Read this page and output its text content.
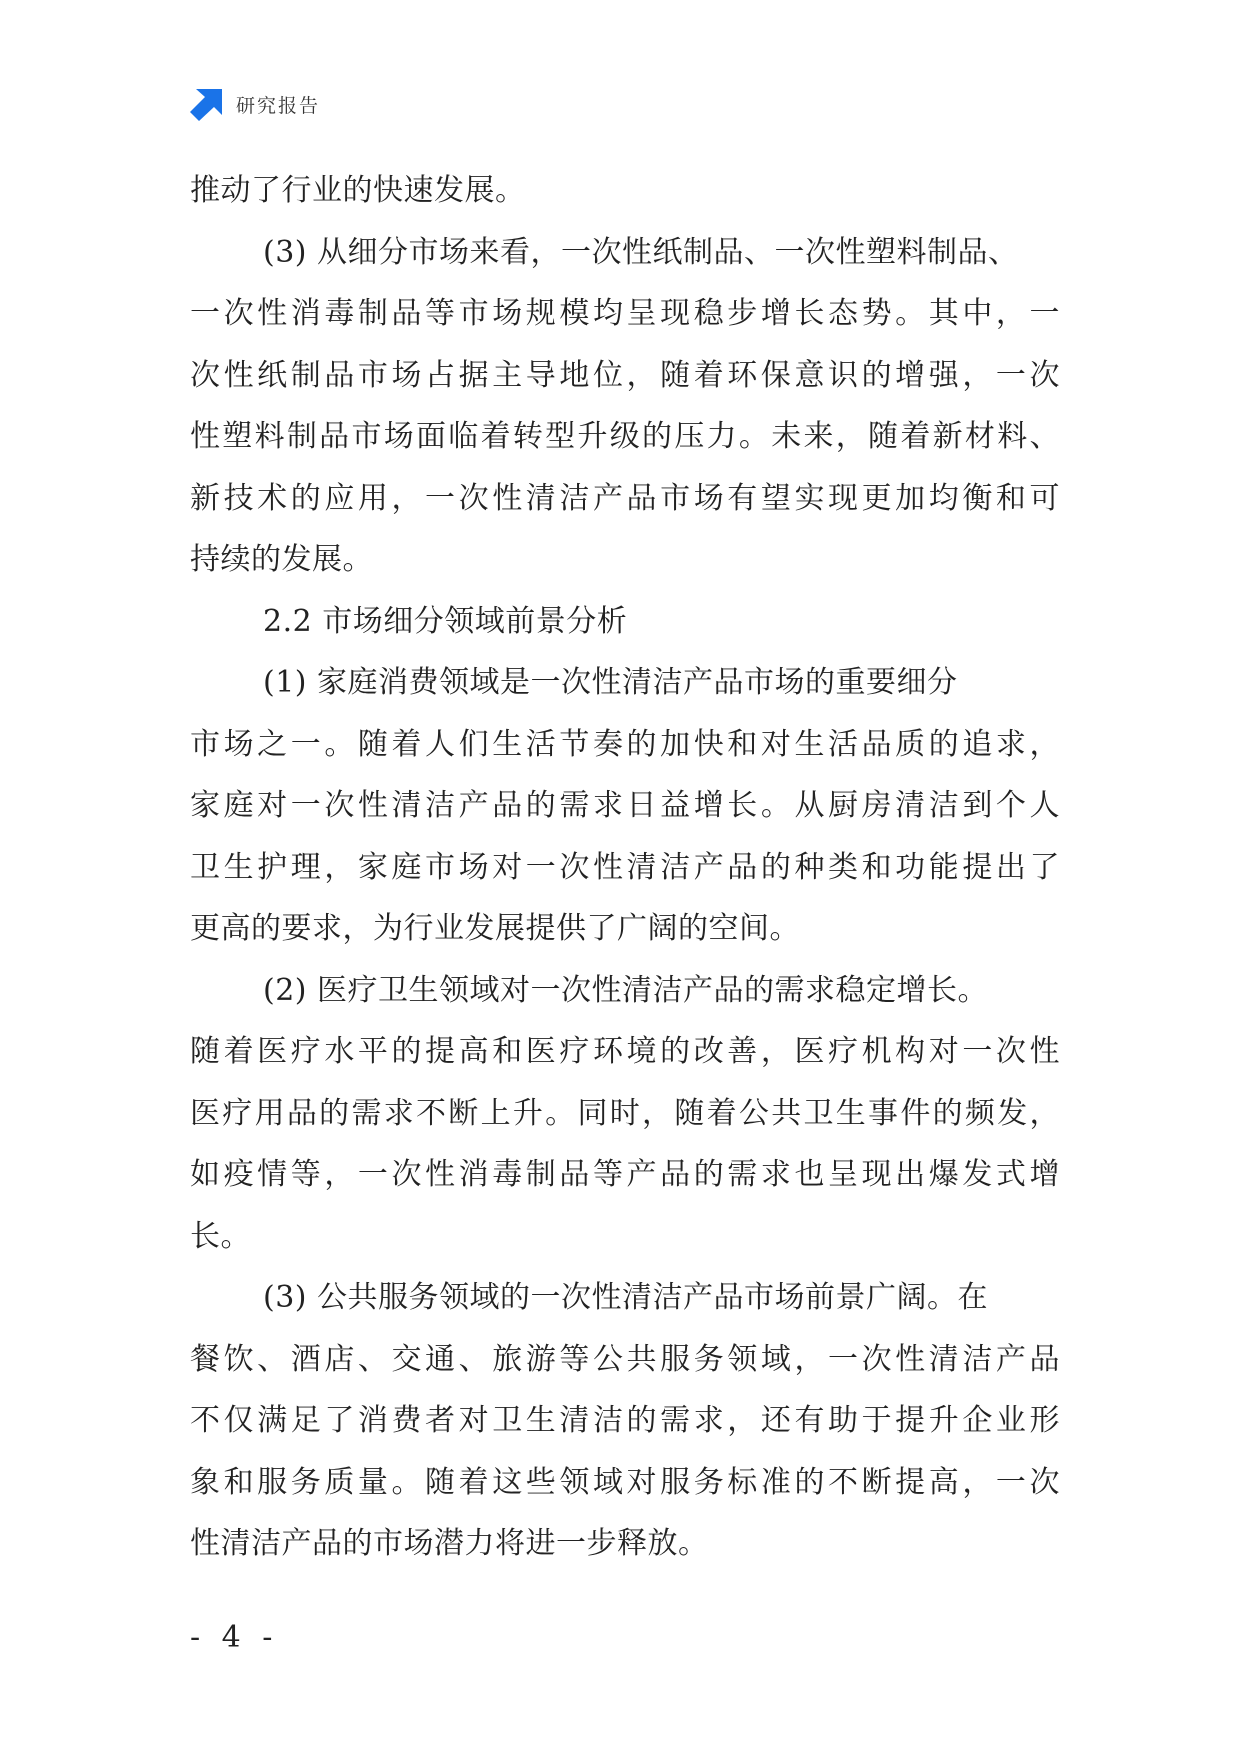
研究报告
推动了行业的快速发展。
(3) 从细分市场来看，一次性纸制品、一次性塑料制品、
一次性消毒制品等市场规模均呈现稳步增长态势。其中，一
次性纸制品市场占据主导地位，随着环保意识的增强，一次
性塑料制品市场面临着转型升级的压力。未来，随着新材料、
新技术的应用，一次性清洁产品市场有望实现更加均衡和可
持续的发展。
2.2 市场细分领域前景分析
(1) 家庭消费领域是一次性清洁产品市场的重要细分
市场之一。随着人们生活节奏的加快和对生活品质的追求，
家庭对一次性清洁产品的需求日益增长。从厨房清洁到个人
卫生护理，家庭市场对一次性清洁产品的种类和功能提出了
更高的要求，为行业发展提供了广阔的空间。
(2) 医疗卫生领域对一次性清洁产品的需求稳定增长。
随着医疗水平的提高和医疗环境的改善，医疗机构对一次性
医疗用品的需求不断上升。同时，随着公共卫生事件的频发，
如疫情等，一次性消毒制品等产品的需求也呈现出爆发式增
长。
(3) 公共服务领域的一次性清洁产品市场前景广阔。在
餐饮、酒店、交通、旅游等公共服务领域，一次性清洁产品
不仅满足了消费者对卫生清洁的需求，还有助于提升企业形
象和服务质量。随着这些领域对服务标准的不断提高，一次
性清洁产品的市场潜力将进一步释放。
- 4 -
